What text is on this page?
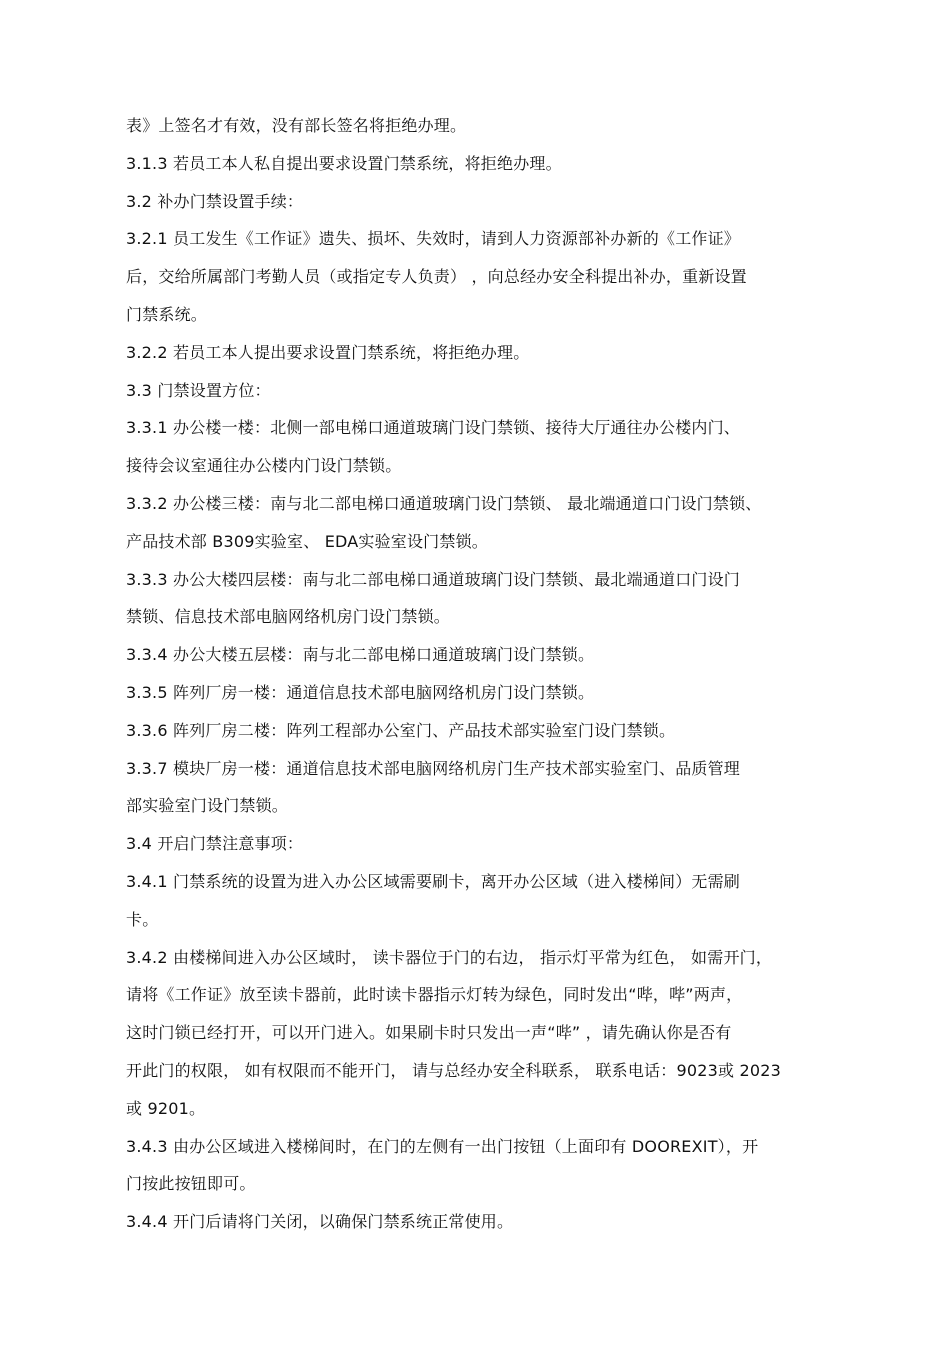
表》上签名才有效，没有部长签名将拒绝办理。
3.1.3 若员工本人私自提出要求设置门禁系统，将拒绝办理。
3.2 补办门禁设置手续：
3.2.1 员工发生《工作证》遗失、损坏、失效时，请到人力资源部补办新的《工作证》
后，交给所属部门考勤人员（或指定专人负责） ，向总经办安全科提出补办，重新设置
门禁系统。
3.2.2 若员工本人提出要求设置门禁系统，将拒绝办理。
3.3 门禁设置方位：
3.3.1 办公楼一楼：北侧一部电梯口通道玻璃门设门禁锁、接待大厅通往办公楼内门、
接待会议室通往办公楼内门设门禁锁。
3.3.2 办公楼三楼：南与北二部电梯口通道玻璃门设门禁锁、 最北端通道口门设门禁锁、
产品技术部 B309实验室、 EDA实验室设门禁锁。
3.3.3 办公大楼四层楼：南与北二部电梯口通道玻璃门设门禁锁、最北端通道口门设门
禁锁、信息技术部电脑网络机房门设门禁锁。
3.3.4 办公大楼五层楼：南与北二部电梯口通道玻璃门设门禁锁。
3.3.5 阵列厂房一楼：通道信息技术部电脑网络机房门设门禁锁。
3.3.6 阵列厂房二楼：阵列工程部办公室门、产品技术部实验室门设门禁锁。
3.3.7 模块厂房一楼：通道信息技术部电脑网络机房门生产技术部实验室门、品质管理
部实验室门设门禁锁。
3.4 开启门禁注意事项：
3.4.1 门禁系统的设置为进入办公区域需要刷卡，离开办公区域（进入楼梯间）无需刷
卡。
3.4.2 由楼梯间进入办公区域时， 读卡器位于门的右边， 指示灯平常为红色， 如需开门，
请将《工作证》放至读卡器前，此时读卡器指示灯转为绿色，同时发出“哔，哔”两声，
这时门锁已经打开，可以开门进入。如果刷卡时只发出一声“哔” ，请先确认你是否有
开此门的权限， 如有权限而不能开门， 请与总经办安全科联系， 联系电话：9023或 2023
或 9201。
3.4.3 由办公区域进入楼梯间时，在门的左侧有一出门按钮（上面印有 DOOREXIT），开
门按此按钮即可。
3.4.4 开门后请将门关闭，以确保门禁系统正常使用。
